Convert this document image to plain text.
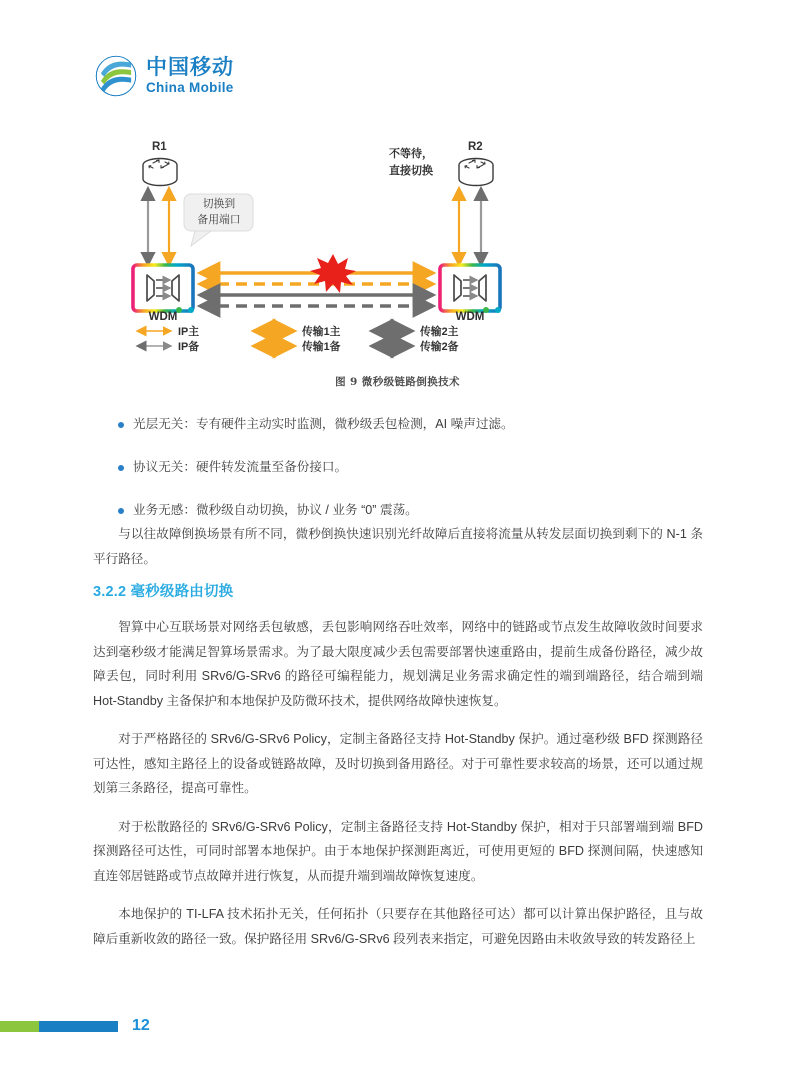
中国移动
China Mobile
R1	R2
切换到
备用端口
不等待，
直接切换
WDM	WDM
IP主
IP备
传输1主
传输1备
传输2主
传输2备
图 9 微秒级链路倒换技术
光层无关：专有硬件主动实时监测，微秒级丢包检测，AI 噪声过滤。
协议无关：硬件转发流量至备份接口。
业务无感：微秒级自动切换，协议 / 业务 “0” 震荡。

与以往故障倒换场景有所不同，微秒倒换快速识别光纤故障后直接将流量从转发层面切换到剩下的 N-1 条平行路径。

3.2.2 毫秒级路由切换

智算中心互联场景对网络丢包敏感，丢包影响网络吞吐效率，网络中的链路或节点发生故障收敛时间要求达到毫秒级才能满足智算场景需求。为了最大限度减少丢包需要部署快速重路由，提前生成备份路径，减少故障丢包，同时利用 SRv6/G-SRv6 的路径可编程能力，规划满足业务需求确定性的端到端路径，结合端到端 Hot-Standby 主备保护和本地保护及防微环技术，提供网络故障快速恢复。

对于严格路径的 SRv6/G-SRv6 Policy，定制主备路径支持 Hot-Standby 保护。通过毫秒级 BFD 探测路径可达性，感知主路径上的设备或链路故障，及时切换到备用路径。对于可靠性要求较高的场景，还可以通过规划第三条路径，提高可靠性。

对于松散路径的 SRv6/G-SRv6 Policy，定制主备路径支持 Hot-Standby 保护，相对于只部署端到端 BFD 探测路径可达性，可同时部署本地保护。由于本地保护探测距离近，可使用更短的 BFD 探测间隔，快速感知直连邻居链路或节点故障并进行恢复，从而提升端到端故障恢复速度。

本地保护的 TI-LFA 技术拓扑无关，任何拓扑（只要存在其他路径可达）都可以计算出保护路径，且与故障后重新收敛的路径一致。保护路径用 SRv6/G-SRv6 段列表来指定，可避免因路由未收敛导致的转发路径上

12
